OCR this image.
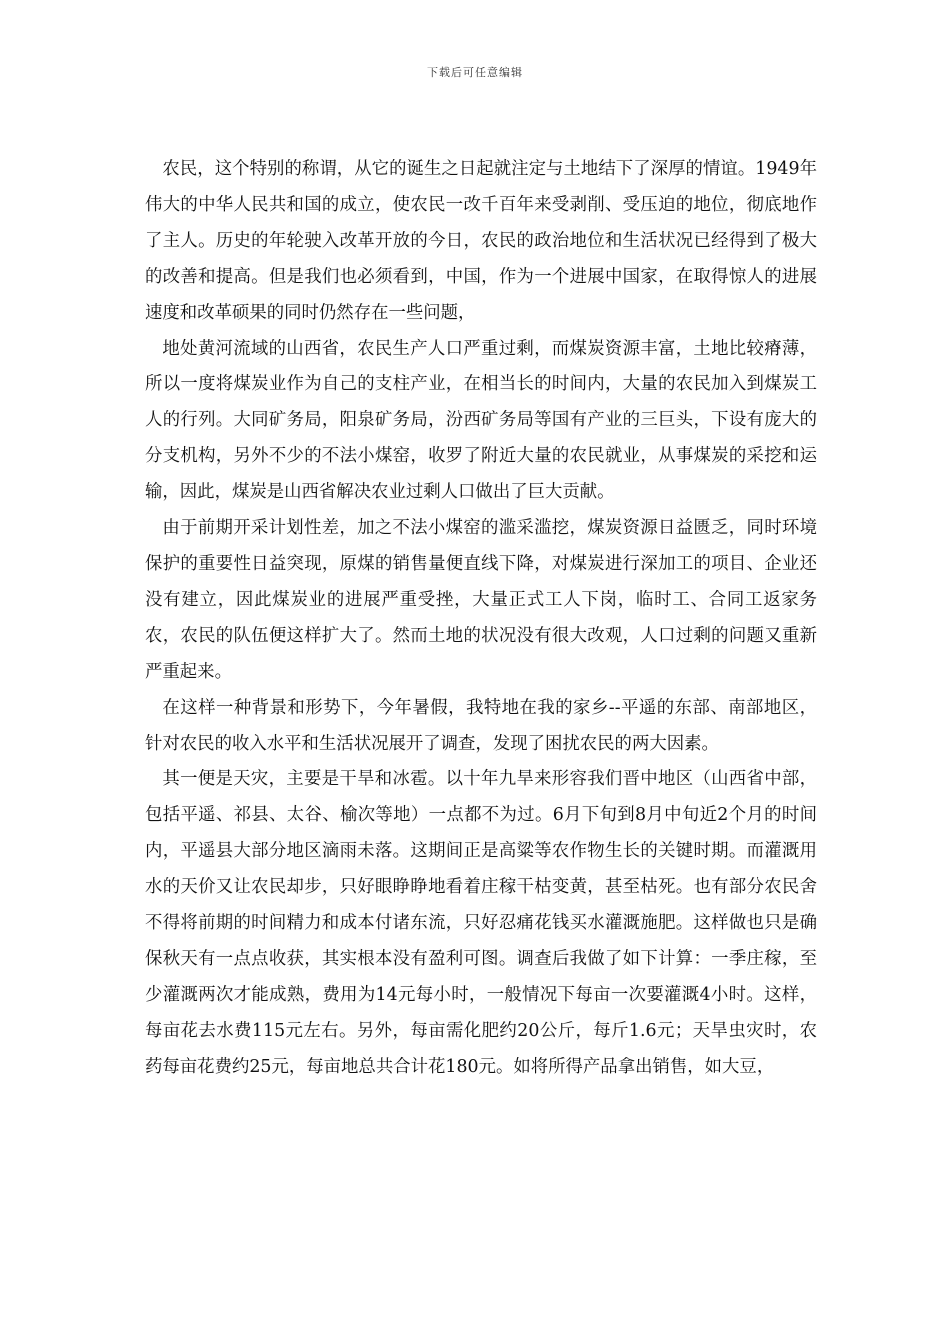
下载后可任意编辑

农民，这个特别的称谓，从它的诞生之日起就注定与土地结下了深厚的情谊。1949年伟大的中华人民共和国的成立，使农民一改千百年来受剥削、受压迫的地位，彻底地作了主人。历史的年轮驶入改革开放的今日，农民的政治地位和生活状况已经得到了极大的改善和提高。但是我们也必须看到，中国，作为一个进展中国家，在取得惊人的进展速度和改革硕果的同时仍然存在一些问题，

地处黄河流域的山西省，农民生产人口严重过剩，而煤炭资源丰富，土地比较瘠薄，所以一度将煤炭业作为自己的支柱产业，在相当长的时间内，大量的农民加入到煤炭工人的行列。大同矿务局，阳泉矿务局，汾西矿务局等国有产业的三巨头，下设有庞大的分支机构，另外不少的不法小煤窑，收罗了附近大量的农民就业，从事煤炭的采挖和运输，因此，煤炭是山西省解决农业过剩人口做出了巨大贡献。

由于前期开采计划性差，加之不法小煤窑的滥采滥挖，煤炭资源日益匮乏，同时环境保护的重要性日益突现，原煤的销售量便直线下降，对煤炭进行深加工的项目、企业还没有建立，因此煤炭业的进展严重受挫，大量正式工人下岗，临时工、合同工返家务农，农民的队伍便这样扩大了。然而土地的状况没有很大改观，人口过剩的问题又重新严重起来。

在这样一种背景和形势下，今年暑假，我特地在我的家乡--平遥的东部、南部地区，针对农民的收入水平和生活状况展开了调查，发现了困扰农民的两大因素。

其一便是天灾，主要是干旱和冰雹。以十年九旱来形容我们晋中地区（山西省中部，包括平遥、祁县、太谷、榆次等地）一点都不为过。6月下旬到8月中旬近2个月的时间内，平遥县大部分地区滴雨未落。这期间正是高粱等农作物生长的关键时期。而灌溉用水的天价又让农民却步，只好眼睁睁地看着庄稼干枯变黄，甚至枯死。也有部分农民舍不得将前期的时间精力和成本付诸东流，只好忍痛花钱买水灌溉施肥。这样做也只是确保秋天有一点点收获，其实根本没有盈利可图。调查后我做了如下计算：一季庄稼，至少灌溉两次才能成熟，费用为14元每小时，一般情况下每亩一次要灌溉4小时。这样，每亩花去水费115元左右。另外，每亩需化肥约20公斤，每斤1.6元；天旱虫灾时，农药每亩花费约25元，每亩地总共合计花180元。如将所得产品拿出销售，如大豆，
